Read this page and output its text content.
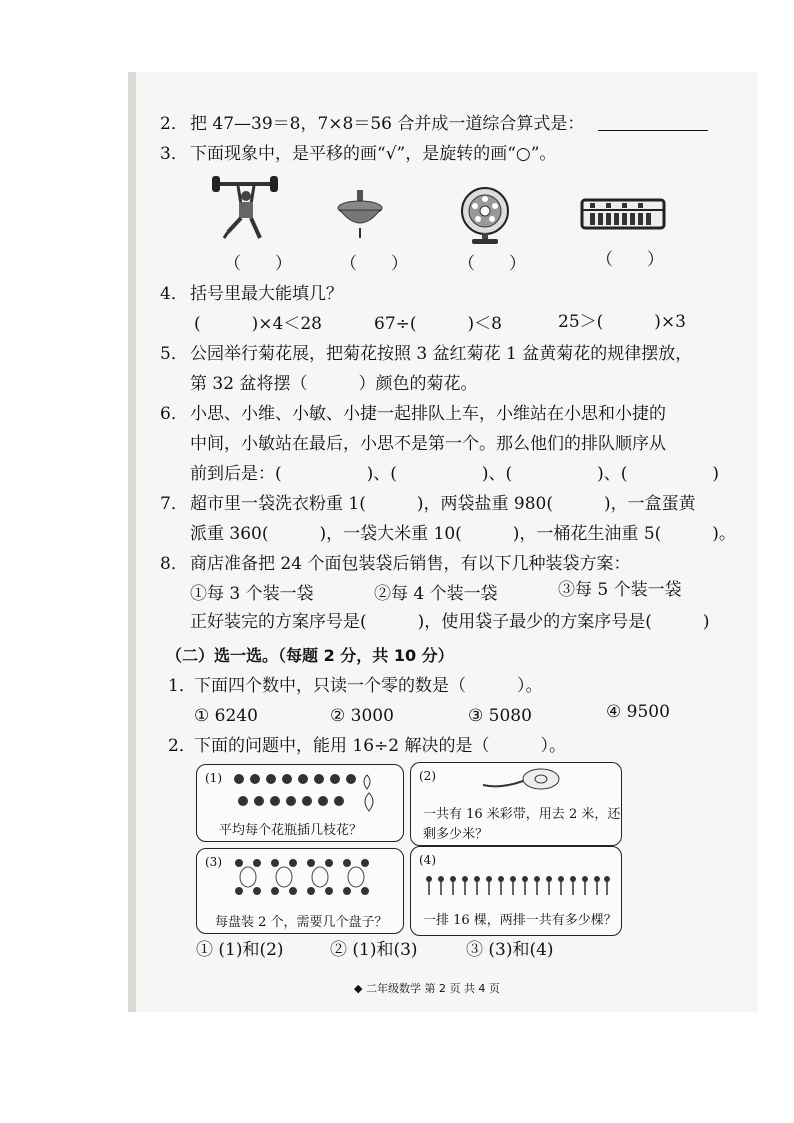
2． 把 47—39＝8，7×8＝56 合并成一道综合算式是：
3． 下面现象中，是平移的画“√”，是旋转的画“○”。
（　　）	（　　）	（　　）	（　　）
4． 括号里最大能填几？
(　　　)×4＜28	67÷(　　　)＜8	25＞(　　　)×3
5． 公园举行菊花展，把菊花按照 3 盆红菊花 1 盆黄菊花的规律摆放，
第 32 盆将摆（　　　）颜色的菊花。
6． 小思、小维、小敏、小捷一起排队上车，小维站在小思和小捷的
中间，小敏站在最后，小思不是第一个。那么他们的排队顺序从
前到后是：(　　　　　)、(　　　　　)、(　　　　　)、(　　　　　)
7． 超市里一袋洗衣粉重 1(　　　)，两袋盐重 980(　　　)，一盒蛋黄
派重 360(　　　)，一袋大米重 10(　　　)，一桶花生油重 5(　　　)。
8． 商店准备把 24 个面包装袋后销售，有以下几种装袋方案：
①每 3 个装一袋	②每 4 个装一袋	③每 5 个装一袋
正好装完的方案序号是(　　　)，使用袋子最少的方案序号是(　　　)
（二）选一选。（每题 2 分，共 10 分）
1．
下面四个数中，只读一个零的数是（　　　）。
① 6240	② 3000	③ 5080	④ 9500
2．
下面的问题中，能用 16÷2 解决的是（　　　）。
(1)
平均每个花瓶插几枝花？
(2)
一共有 16 米彩带，用去 2 米，还
剩多少米？
(3)
每盘装 2 个，需要几个盘子？
(4)
一排 16 棵，两排一共有多少棵？
① (1)和(2)	② (1)和(3)	③ (3)和(4)
◆ 二年级数学 第 2 页 共 4 页
